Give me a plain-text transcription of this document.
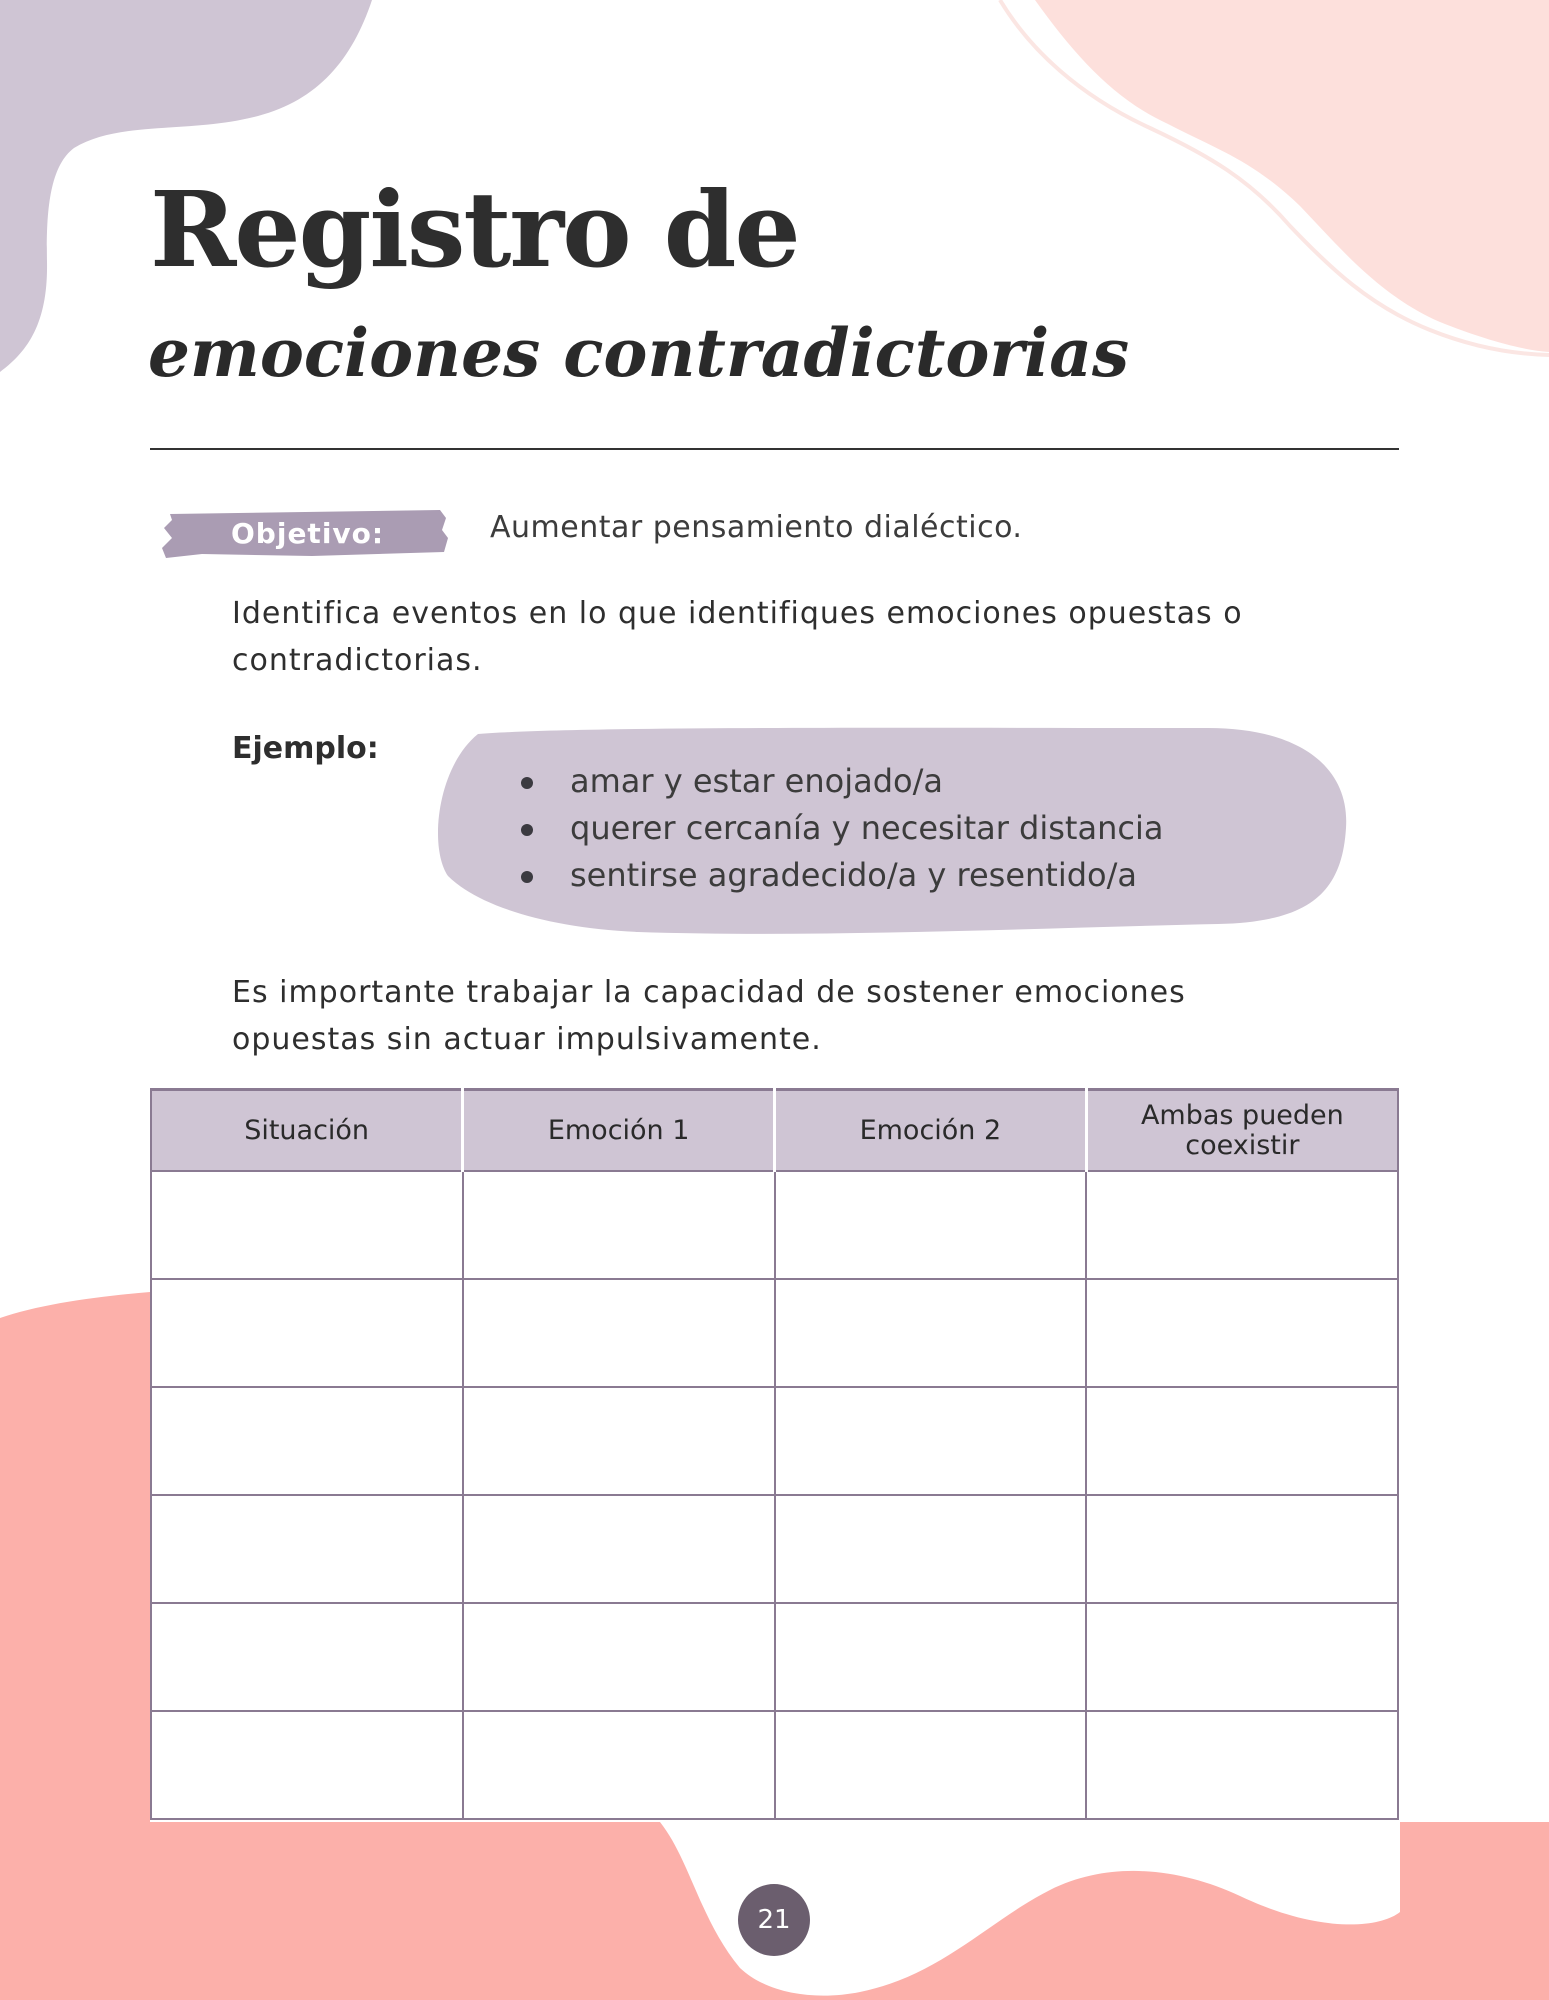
Registro de
emociones contradictorias
Objetivo:	Aumentar pensamiento dialéctico.

Identifica eventos en lo que identifiques emociones opuestas o contradictorias.

Ejemplo:

amar y estar enojado/a
querer cercanía y necesitar distancia
sentirse agradecido/a y resentido/a

Es importante trabajar la capacidad de sostener emociones opuestas sin actuar impulsivamente.

Situación	Emoción 1	Emoción 2	Ambas pueden coexistir

21
